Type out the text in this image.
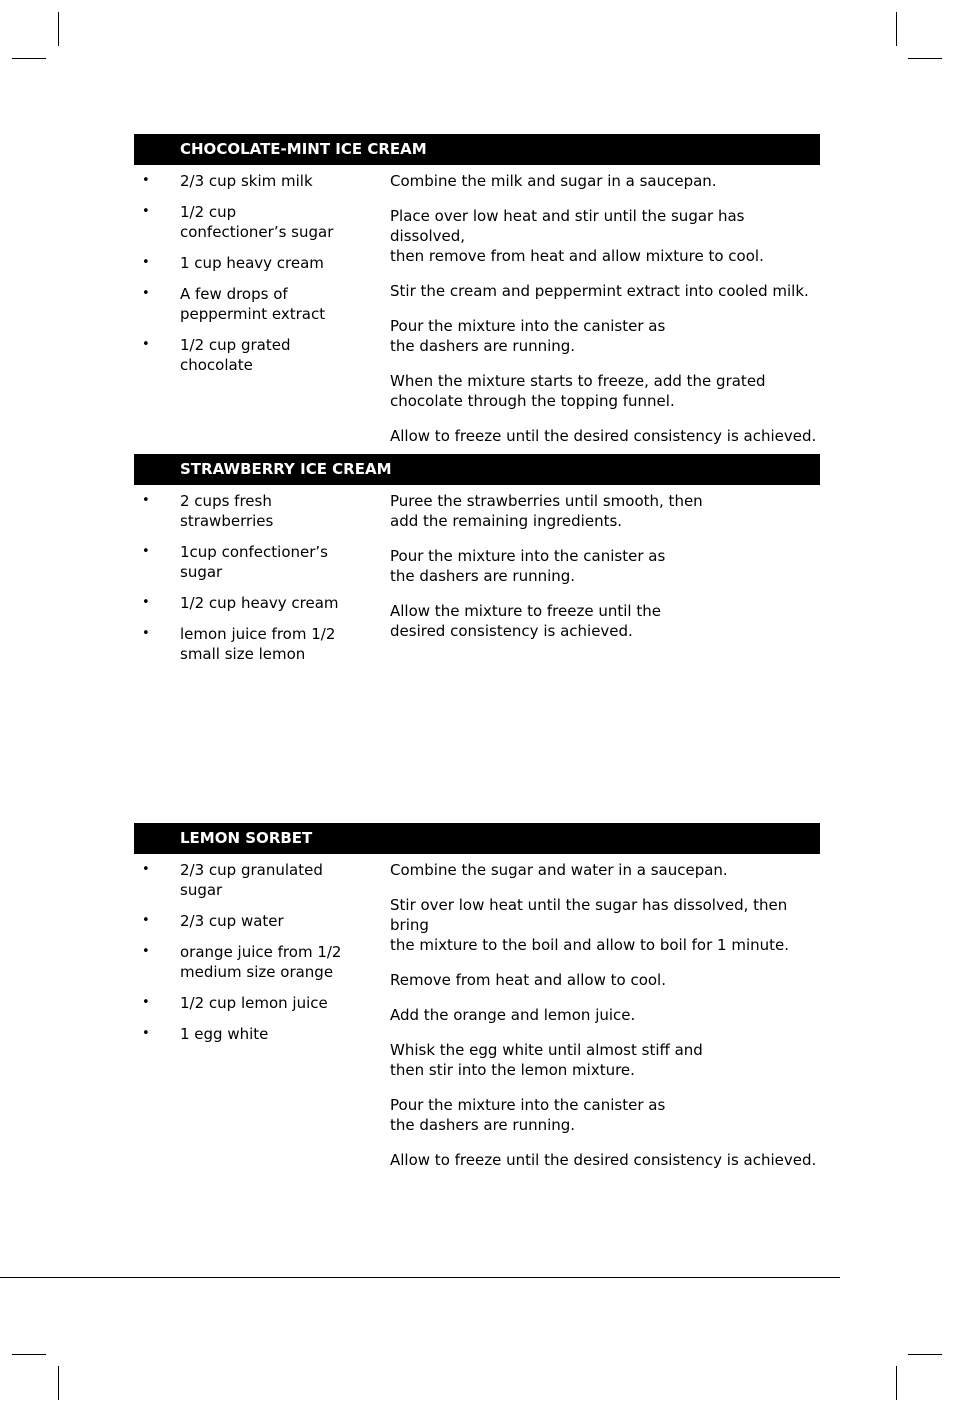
CHOCOLATE-MINT ICE CREAM
• 2/3 cup skim milk
• 1/2 cup
confectioner’s sugar
• 1 cup heavy cream
• A few drops of
peppermint extract
• 1/2 cup grated
chocolate
Combine the milk and sugar in a saucepan.
Place over low heat and stir until the sugar has dissolved,
then remove from heat and allow mixture to cool.
Stir the cream and peppermint extract into cooled milk.
Pour the mixture into the canister as
the dashers are running.
When the mixture starts to freeze, add the grated
chocolate through the topping funnel.
Allow to freeze until the desired consistency is achieved.
STRAWBERRY ICE CREAM
• 2 cups fresh
strawberries
• 1cup confectioner’s
sugar
• 1/2 cup heavy cream
• lemon juice from 1/2
small size lemon
Puree the strawberries until smooth, then
add the remaining ingredients.
Pour the mixture into the canister as
the dashers are running.
Allow the mixture to freeze until the
desired consistency is achieved.
LEMON SORBET
• 2/3 cup granulated
sugar
• 2/3 cup water
• orange juice from 1/2
medium size orange
• 1/2 cup lemon juice
• 1 egg white
Combine the sugar and water in a saucepan.
Stir over low heat until the sugar has dissolved, then bring
the mixture to the boil and allow to boil for 1 minute.
Remove from heat and allow to cool.
Add the orange and lemon juice.
Whisk the egg white until almost stiff and
then stir into the lemon mixture.
Pour the mixture into the canister as
the dashers are running.
Allow to freeze until the desired consistency is achieved.
